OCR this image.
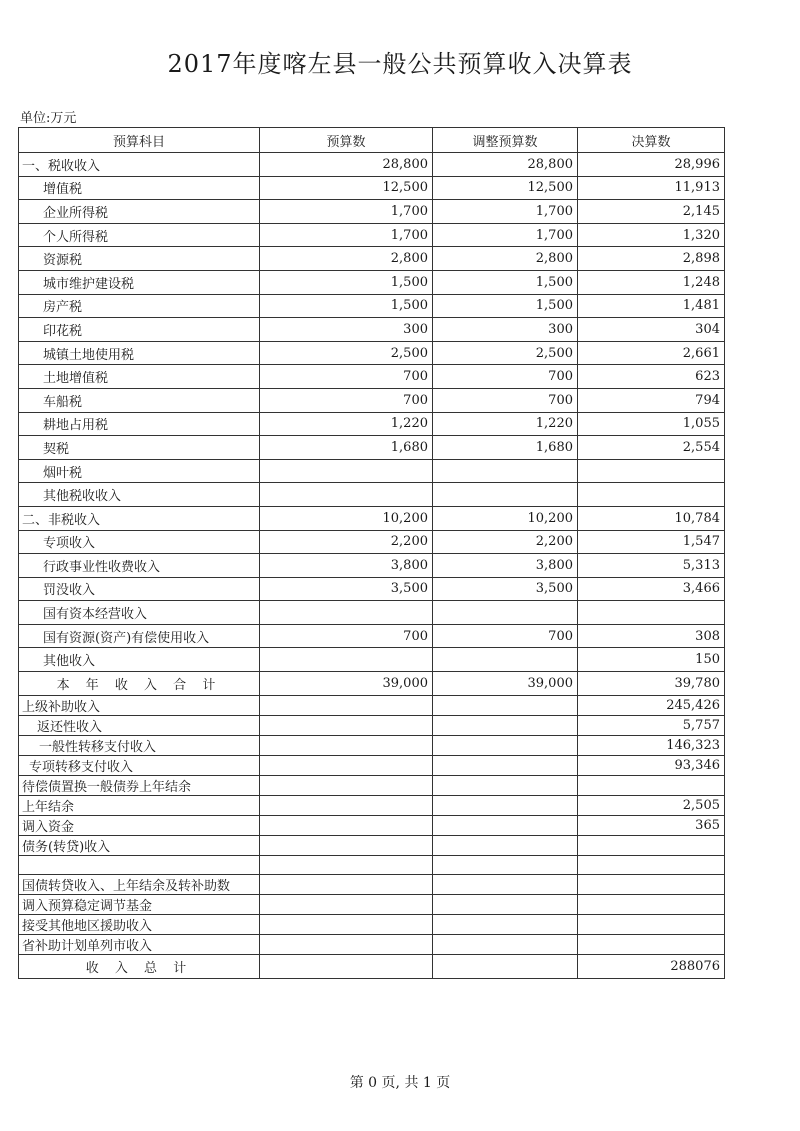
2017年度喀左县一般公共预算收入决算表
单位:万元
预算科目	预算数	调整预算数	决算数
一、税收收入	28,800	28,800	28,996
增值税	12,500	12,500	11,913
企业所得税	1,700	1,700	2,145
个人所得税	1,700	1,700	1,320
资源税	2,800	2,800	2,898
城市维护建设税	1,500	1,500	1,248
房产税	1,500	1,500	1,481
印花税	300	300	304
城镇土地使用税	2,500	2,500	2,661
土地增值税	700	700	623
车船税	700	700	794
耕地占用税	1,220	1,220	1,055
契税	1,680	1,680	2,554
烟叶税			
其他税收收入			
二、非税收入	10,200	10,200	10,784
专项收入	2,200	2,200	1,547
行政事业性收费收入	3,800	3,800	5,313
罚没收入	3,500	3,500	3,466
国有资本经营收入			
国有资源(资产)有偿使用收入	700	700	308
其他收入			150
本 年 收 入 合 计	39,000	39,000	39,780
上级补助收入			245,426
返还性收入			5,757
一般性转移支付收入			146,323
专项转移支付收入			93,346
待偿债置换一般债券上年结余			
上年结余			2,505
调入资金			365
债务(转贷)收入			

国债转贷收入、上年结余及转补助数			
调入预算稳定调节基金			
接受其他地区援助收入			
省补助计划单列市收入			
收 入 总 计			288076
第 0 页, 共 1 页
